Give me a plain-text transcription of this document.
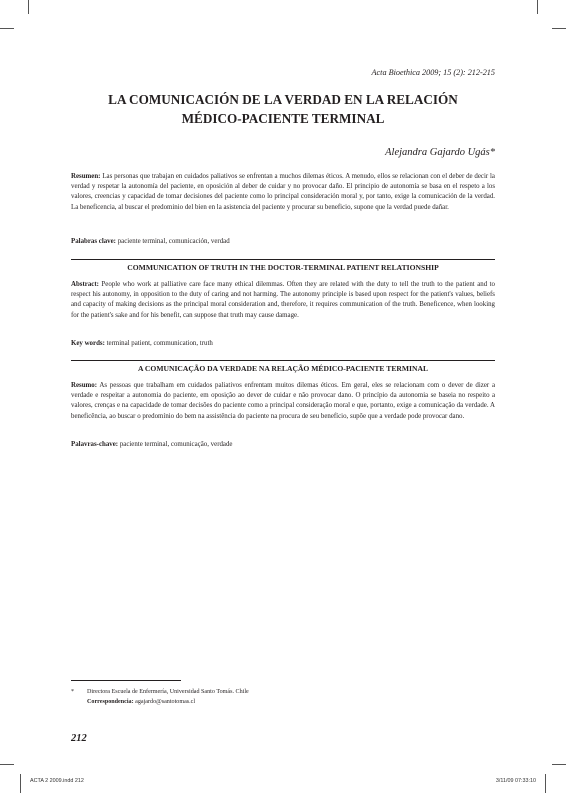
Acta Bioethica 2009; 15 (2): 212-215
LA COMUNICACIÓN DE LA VERDAD EN LA RELACIÓN
MÉDICO-PACIENTE TERMINAL
Alejandra Gajardo Ugás*
Resumen: Las personas que trabajan en cuidados paliativos se enfrentan a muchos dilemas éticos. A menudo, ellos se relacionan con el deber de decir la verdad y respetar la autonomía del paciente, en oposición al deber de cuidar y no provocar daño. El principio de autonomía se basa en el respeto a los valores, creencias y capacidad de tomar decisiones del paciente como lo principal consideración moral y, por tanto, exige la comunicación de la verdad. La beneficencia, al buscar el predominio del bien en la asistencia del paciente y procurar su beneficio, supone que la verdad puede dañar.
Palabras clave: paciente terminal, comunicación, verdad
COMMUNICATION OF TRUTH IN THE DOCTOR-TERMINAL PATIENT RELATIONSHIP
Abstract: People who work at palliative care face many ethical dilemmas. Often they are related with the duty to tell the truth to the patient and to respect his autonomy, in opposition to the duty of caring and not harming. The autonomy principle is based upon respect for the patient's values, beliefs and capacity of making decisions as the principal moral consideration and, therefore, it requires communication of the truth. Beneficence, when looking for the patient's sake and for his benefit, can suppose that truth may cause damage.
Key words: terminal patient, communication, truth
A COMUNICAÇÃO DA VERDADE NA RELAÇÃO MÉDICO-PACIENTE TERMINAL
Resumo: As pessoas que trabalham em cuidados paliativos enfrentam muitos dilemas éticos. Em geral, eles se relacionam com o dever de dizer a verdade e respeitar a autonomia do paciente, em oposição ao dever de cuidar e não provocar dano. O princípio da autonomia se baseia no respeito a valores, crenças e na capacidade de tomar decisões do paciente como a principal consideração moral e que, portanto, exige a comunicação da verdade. A beneficência, ao buscar o predomínio do bem na assistência do paciente na procura de seu benefício, supõe que a verdade pode provocar dano.
Palavras-chave: paciente terminal, comunicação, verdade
* Directora Escuela de Enfermería, Universidad Santo Tomás. Chile
Correspondencia: agajardo@santotomas.cl
212
ACTA 2 2009.indd 212	3/11/09 07:33:10
